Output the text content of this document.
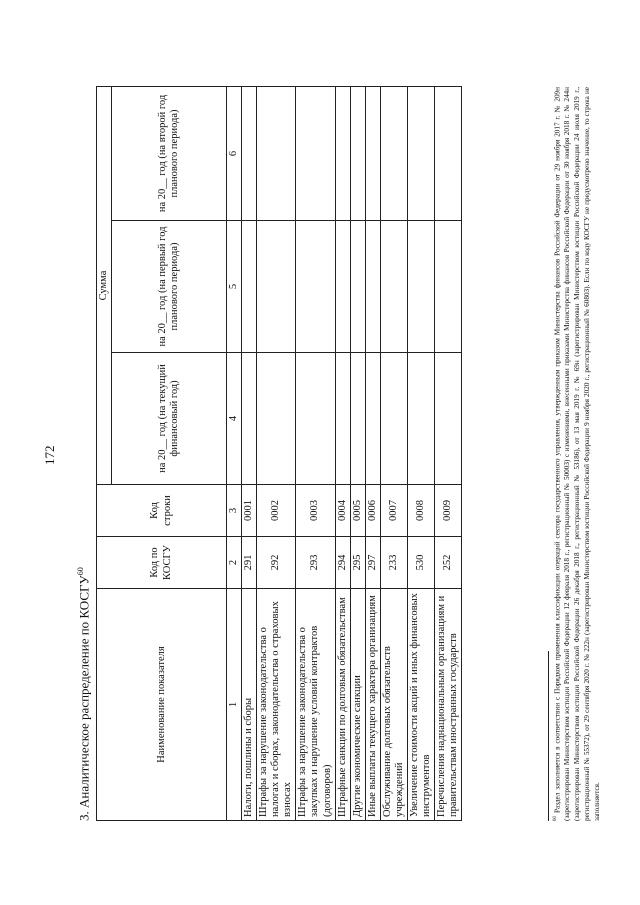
172
3. Аналитическое распределение по КОСГУ$^{60}$
Наименование показателя	Код по КОСГУ	Код строки	Сумма		
			на 20__ год (на текущий финансовый год)	на 20__ год (на первый год планового периода)	на 20__ год (на второй год планового периода)
1	2	3	4	5	6
Налоги, пошлины и сборы	291	0001			
Штрафы за нарушение законодательства о налогах и сборах, законодательства о страховых взносах	292	0002			
Штрафы за нарушение законодательства о закупках и нарушение условий контрактов (договоров)	293	0003			
Штрафные санкции по долговым обязательствам	294	0004			
Другие экономические санкции	295	0005			
Иные выплаты текущего характера организациям	297	0006			
Обслуживание долговых обязательств учреждений	233	0007			
Увеличение стоимости акций и иных финансовых инструментов	530	0008			
Перечисления наднациональным организациям и правительствам иностранных государств	252	0009			
$^{60}$ Раздел заполняется в соответствии с Порядком применения классификации операций сектора государственного управления, утвержденным приказом Министерства финансов Российской Федерации от 29 ноября 2017 г. № 209н (зарегистрирован Министерством юстиции Российской Федерации 12 февраля 2018 г., регистрационный № 50003) с изменениями, внесенными приказами Министерства финансов Российской Федерации от 30 ноября 2018 г. № 244н (зарегистрирован Министерством юстиции Российской Федерации 26 декабря 2018 г., регистрационный № 53186), от 13 мая 2019 г. № 69н (зарегистрирован Министерством юстиции Российской Федерации 24 июля 2019 г., регистрационный № 55372), от 29 сентября 2020 г. № 222н (зарегистрирован Министерством юстиции Российской Федерации 9 ноября 2020 г., регистрационный № 60803). Если по коду КОСГУ не предусмотрено значение, то строка не заполняется.
